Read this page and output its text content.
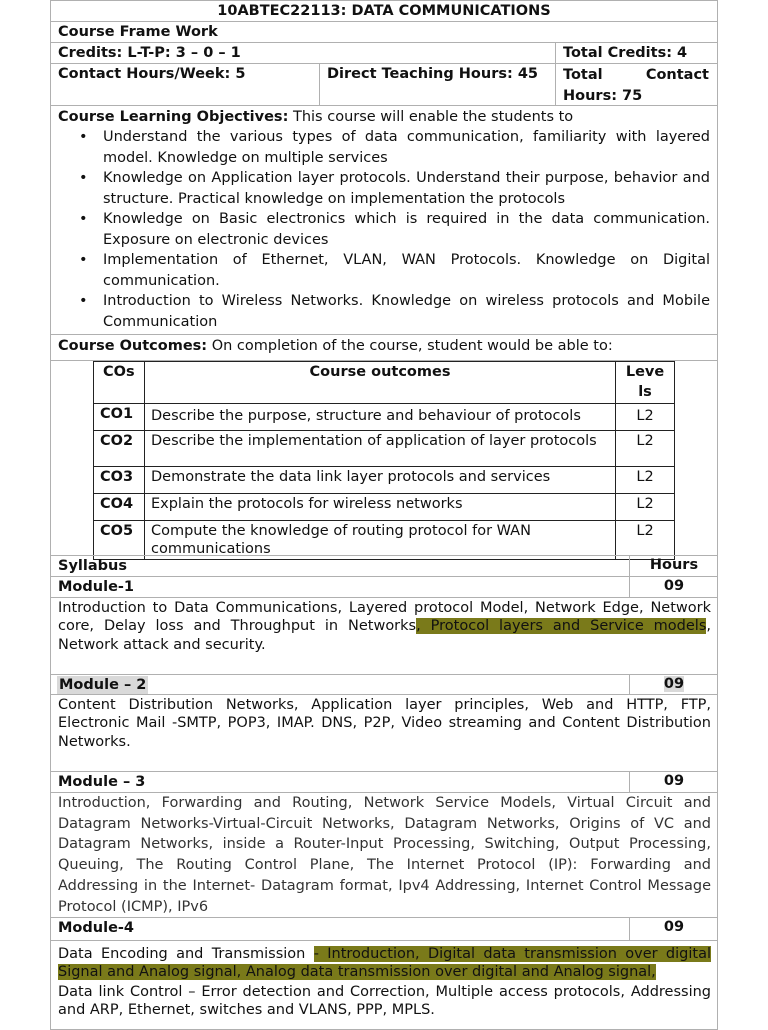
10ABTEC22113: DATA COMMUNICATIONS
Course Frame Work
Credits: L-T-P: 3 – 0 – 1	Total Credits: 4
Contact Hours/Week: 5	Direct Teaching Hours: 45	Total Contact Hours: 75
Course Learning Objectives: This course will enable the students to
• Understand the various types of data communication, familiarity with layered model. Knowledge on multiple services
• Knowledge on Application layer protocols. Understand their purpose, behavior and structure. Practical knowledge on implementation the protocols
• Knowledge on Basic electronics which is required in the data communication. Exposure on electronic devices
• Implementation of Ethernet, VLAN, WAN Protocols. Knowledge on Digital communication.
• Introduction to Wireless Networks. Knowledge on wireless protocols and Mobile Communication
Course Outcomes: On completion of the course, student would be able to:
COs	Course outcomes	Leve ls
CO1	Describe the purpose, structure and behaviour of protocols	L2
CO2	Describe the implementation of application of layer protocols	L2
CO3	Demonstrate the data link layer protocols and services	L2
CO4	Explain the protocols for wireless networks	L2
CO5	Compute the knowledge of routing protocol for WAN communications	L2
Syllabus	Hours
Module-1	09
Introduction to Data Communications, Layered protocol Model, Network Edge, Network core, Delay loss and Throughput in Networks, Protocol layers and Service models, Network attack and security.
Module – 2	09
Content Distribution Networks, Application layer principles, Web and HTTP, FTP, Electronic Mail -SMTP, POP3, IMAP. DNS, P2P, Video streaming and Content Distribution Networks.
Module – 3	09
Introduction, Forwarding and Routing, Network Service Models, Virtual Circuit and Datagram Networks-Virtual-Circuit Networks, Datagram Networks, Origins of VC and Datagram Networks, inside a Router-Input Processing, Switching, Output Processing, Queuing, The Routing Control Plane, The Internet Protocol (IP): Forwarding and Addressing in the Internet- Datagram format, Ipv4 Addressing, Internet Control Message Protocol (ICMP), IPv6
Module-4	09
Data Encoding and Transmission - Introduction, Digital data transmission over digital Signal and Analog signal, Analog data transmission over digital and Analog signal,
Data link Control – Error detection and Correction, Multiple access protocols, Addressing and ARP, Ethernet, switches and VLANS, PPP, MPLS.
